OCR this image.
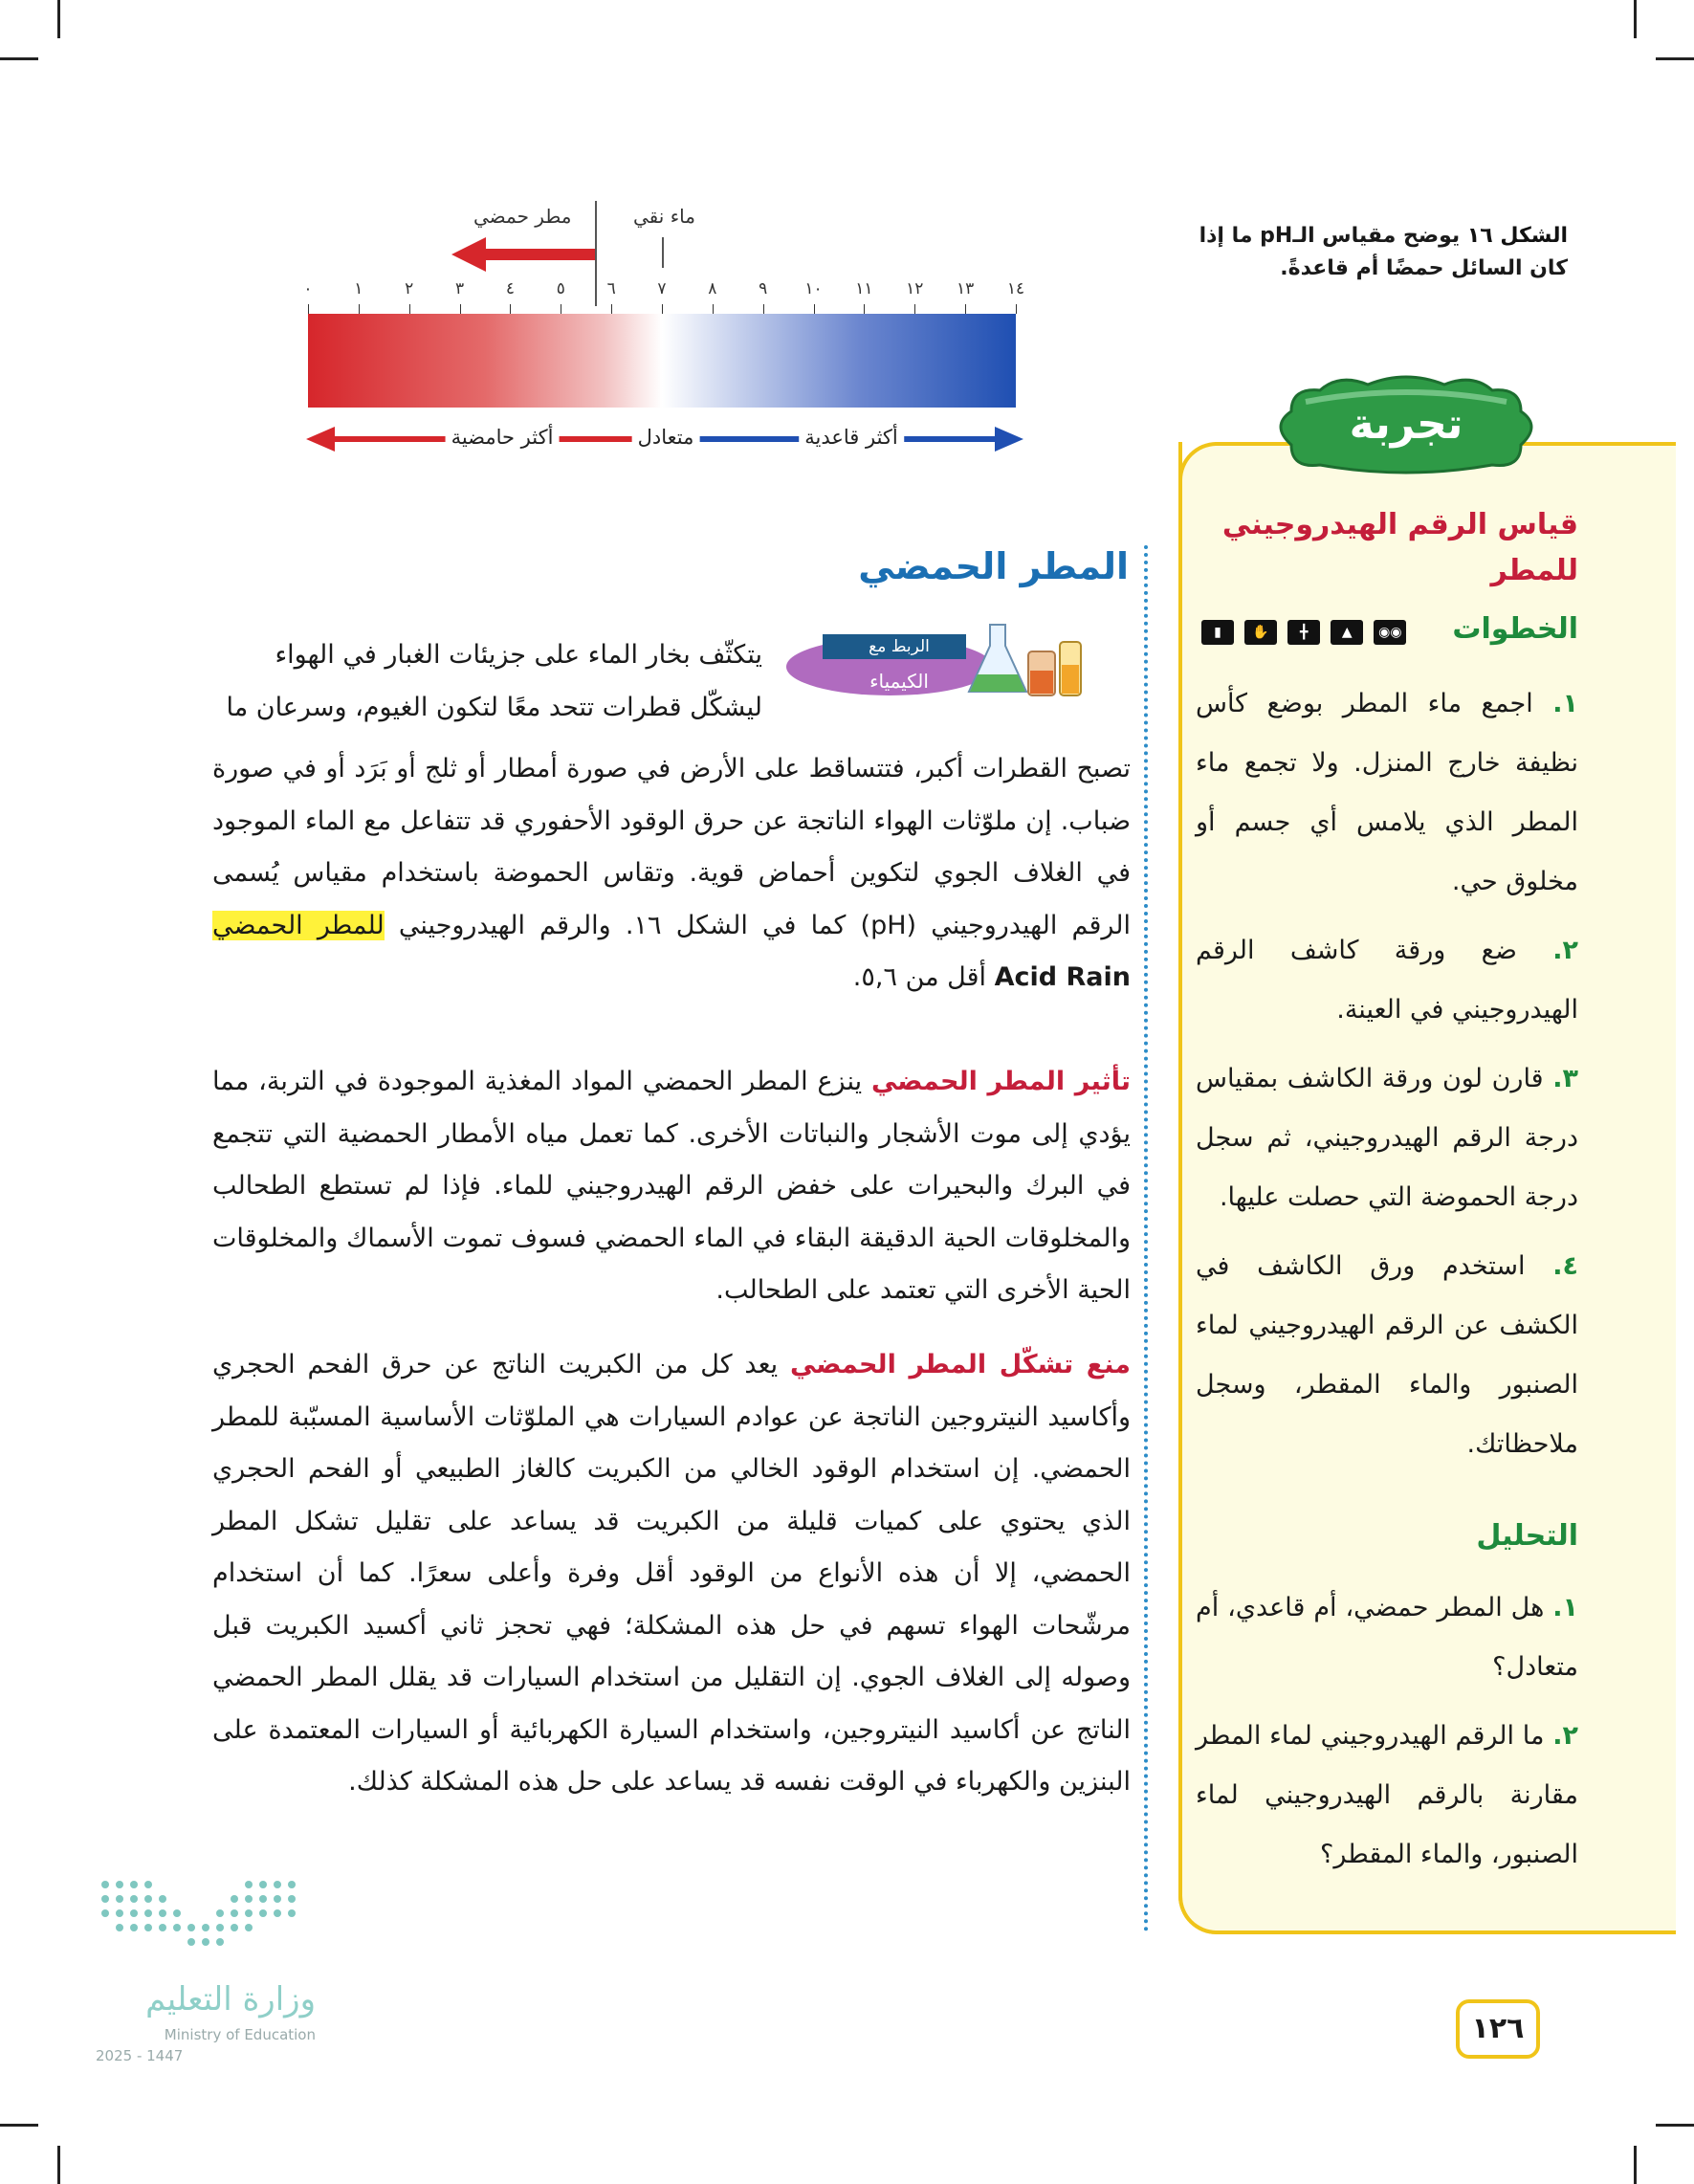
٠	١	٢	٣	٤	٥	٦	٧	٨	٩ ١٠ ١١ ١٢ ١٣ ١٤
مطر حمضي	ماء نقي
أكثر حامضية	متعادل	أكثر قاعدية
الشكل ١٦ يوضح مقياس الـpH ما إذا كان السائل حمضًا أم قاعدةً.
تجربة
قياس الرقم الهيدروجيني للمطر
الخطوات
◉◉ ▲ ╋ ✋ ▮
١. اجمع ماء المطر بوضع كأس نظيفة خارج المنزل. ولا تجمع ماء المطر الذي يلامس أي جسم أو مخلوق حي.
٢. ضع ورقة كاشف الرقم الهيدروجيني في العينة.
٣. قارن لون ورقة الكاشف بمقياس درجة الرقم الهيدروجيني، ثم سجل درجة الحموضة التي حصلت عليها.
٤. استخدم ورق الكاشف في الكشف عن الرقم الهيدروجيني لماء الصنبور والماء المقطر، وسجل ملاحظاتك.
التحليل
١. هل المطر حمضي، أم قاعدي، أم متعادل؟
٢. ما الرقم الهيدروجيني لماء المطر مقارنة بالرقم الهيدروجيني لماء الصنبور، والماء المقطر؟
المطر الحمضي
الربط مع
الكيمياء

يتكثّف بخار الماء على جزيئات الغبار في الهواء ليشكّل قطرات تتحد معًا لتكون الغيوم، وسرعان ما

تصبح القطرات أكبر، فتتساقط على الأرض في صورة أمطار أو ثلج أو بَرَد أو في صورة ضباب. إن ملوّثات الهواء الناتجة عن حرق الوقود الأحفوري قد تتفاعل مع الماء الموجود في الغلاف الجوي لتكوين أحماض قوية. وتقاس الحموضة باستخدام مقياس يُسمى الرقم الهيدروجيني (pH) كما في الشكل ١٦. والرقم الهيدروجيني للمطر الحمضي Acid Rain أقل من ٥,٦.

تأثير المطر الحمضي ينزع المطر الحمضي المواد المغذية الموجودة في التربة، مما يؤدي إلى موت الأشجار والنباتات الأخرى. كما تعمل مياه الأمطار الحمضية التي تتجمع في البرك والبحيرات على خفض الرقم الهيدروجيني للماء. فإذا لم تستطع الطحالب والمخلوقات الحية الدقيقة البقاء في الماء الحمضي فسوف تموت الأسماك والمخلوقات الحية الأخرى التي تعتمد على الطحالب.

منع تشكّل المطر الحمضي يعد كل من الكبريت الناتج عن حرق الفحم الحجري وأكاسيد النيتروجين الناتجة عن عوادم السيارات هي الملوّثات الأساسية المسبّبة للمطر الحمضي. إن استخدام الوقود الخالي من الكبريت كالغاز الطبيعي أو الفحم الحجري الذي يحتوي على كميات قليلة من الكبريت قد يساعد على تقليل تشكل المطر الحمضي، إلا أن هذه الأنواع من الوقود أقل وفرة وأعلى سعرًا. كما أن استخدام مرشّحات الهواء تسهم في حل هذه المشكلة؛ فهي تحجز ثاني أكسيد الكبريت قبل وصوله إلى الغلاف الجوي. إن التقليل من استخدام السيارات قد يقلل المطر الحمضي الناتج عن أكاسيد النيتروجين، واستخدام السيارة الكهربائية أو السيارات المعتمدة على البنزين والكهرباء في الوقت نفسه قد يساعد على حل هذه المشكلة كذلك.

١٢٦
وزارة التعليم
Ministry of Education
2025 - 1447
